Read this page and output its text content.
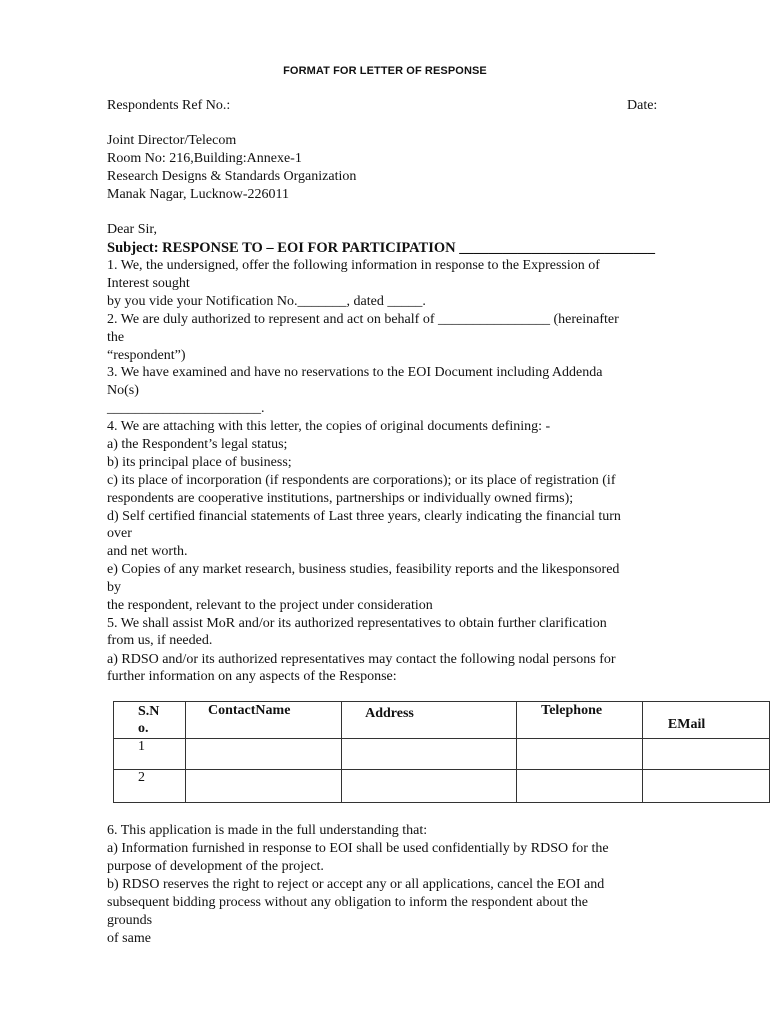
FORMAT FOR LETTER OF RESPONSE
Respondents Ref No.:	Date:
Joint Director/Telecom
Room No: 216,Building:Annexe-1
Research Designs & Standards Organization
Manak Nagar, Lucknow-226011
Dear Sir,
Subject: RESPONSE TO – EOI FOR PARTICIPATION ___________________________
1. We, the undersigned, offer the following information in response to the Expression of
Interest sought
by you vide your Notification No._______, dated _____.
2. We are duly authorized to represent and act on behalf of ________________ (hereinafter
the
“respondent”)
3. We have examined and have no reservations to the EOI Document including Addenda
No(s)
______________________.
4. We are attaching with this letter, the copies of original documents defining: -
a) the Respondent’s legal status;
b) its principal place of business;
c) its place of incorporation (if respondents are corporations); or its place of registration (if
respondents are cooperative institutions, partnerships or individually owned firms);
d) Self certified financial statements of Last three years, clearly indicating the financial turn
over
and net worth.
e) Copies of any market research, business studies, feasibility reports and the likesponsored
by
the respondent, relevant to the project under consideration
5. We shall assist MoR and/or its authorized representatives to obtain further clarification
from us, if needed.
a) RDSO and/or its authorized representatives may contact the following nodal persons for
further information on any aspects of the Response:
S.N
o.	ContactName	Address	Telephone	EMail
1				
2				
6. This application is made in the full understanding that:
a) Information furnished in response to EOI shall be used confidentially by RDSO for the
purpose of development of the project.
b) RDSO reserves the right to reject or accept any or all applications, cancel the EOI and
subsequent bidding process without any obligation to inform the respondent about the
grounds
of same
